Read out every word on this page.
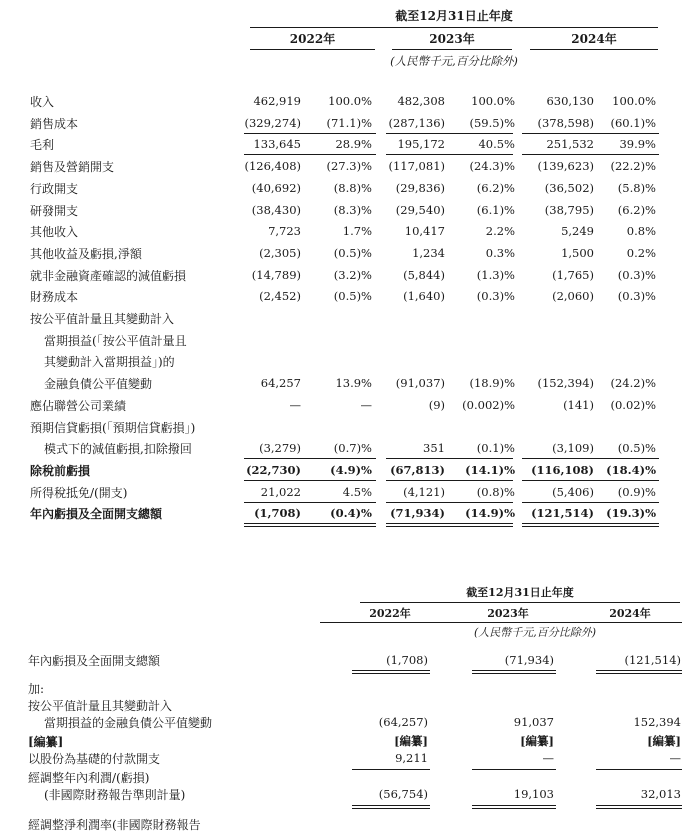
截至12月31日止年度
2022年	2023年	2024年
(人民幣千元,百分比除外)
收入	462,919	100.0%	482,308	100.0%	630,130	100.0%
銷售成本	(329,274)	(71.1)%	(287,136)	(59.5)%	(378,598)	(60.1)%
毛利	133,645	28.9%	195,172	40.5%	251,532	39.9%
銷售及營銷開支	(126,408)	(27.3)%	(117,081)	(24.3)%	(139,623)	(22.2)%
行政開支	(40,692)	(8.8)%	(29,836)	(6.2)%	(36,502)	(5.8)%
研發開支	(38,430)	(8.3)%	(29,540)	(6.1)%	(38,795)	(6.2)%
其他收入	7,723	1.7%	10,417	2.2%	5,249	0.8%
其他收益及虧損,淨額	(2,305)	(0.5)%	1,234	0.3%	1,500	0.2%
就非金融資產確認的減值虧損	(14,789)	(3.2)%	(5,844)	(1.3)%	(1,765)	(0.3)%
財務成本	(2,452)	(0.5)%	(1,640)	(0.3)%	(2,060)	(0.3)%
按公平值計量且其變動計入
當期損益(「按公平值計量且
其變動計入當期損益」)的
金融負債公平值變動	64,257	13.9%	(91,037)	(18.9)%	(152,394)	(24.2)%
應佔聯營公司業績	—	—	(9)	(0.002)%	(141)	(0.02)%
預期信貸虧損(「預期信貸虧損」)
模式下的減值虧損,扣除撥回	(3,279)	(0.7)%	351	(0.1)%	(3,109)	(0.5)%
除稅前虧損	(22,730)	(4.9)%	(67,813)	(14.1)%	(116,108)	(18.4)%
所得稅抵免/(開支)	21,022	4.5%	(4,121)	(0.8)%	(5,406)	(0.9)%
年內虧損及全面開支總額	(1,708)	(0.4)%	(71,934)	(14.9)%	(121,514)	(19.3)%
截至12月31日止年度
2022年	2023年	2024年
(人民幣千元,百分比除外)
年內虧損及全面開支總額	(1,708)	(71,934)	(121,514)
加:
按公平值計量且其變動計入
當期損益的金融負債公平值變動	(64,257)	91,037	152,394
[編纂]	[編纂]	[編纂]	[編纂]
以股份為基礎的付款開支	9,211	—	—
經調整年內利潤/(虧損)
(非國際財務報告準則計量)	(56,754)	19,103	32,013
經調整淨利潤率(非國際財務報告
